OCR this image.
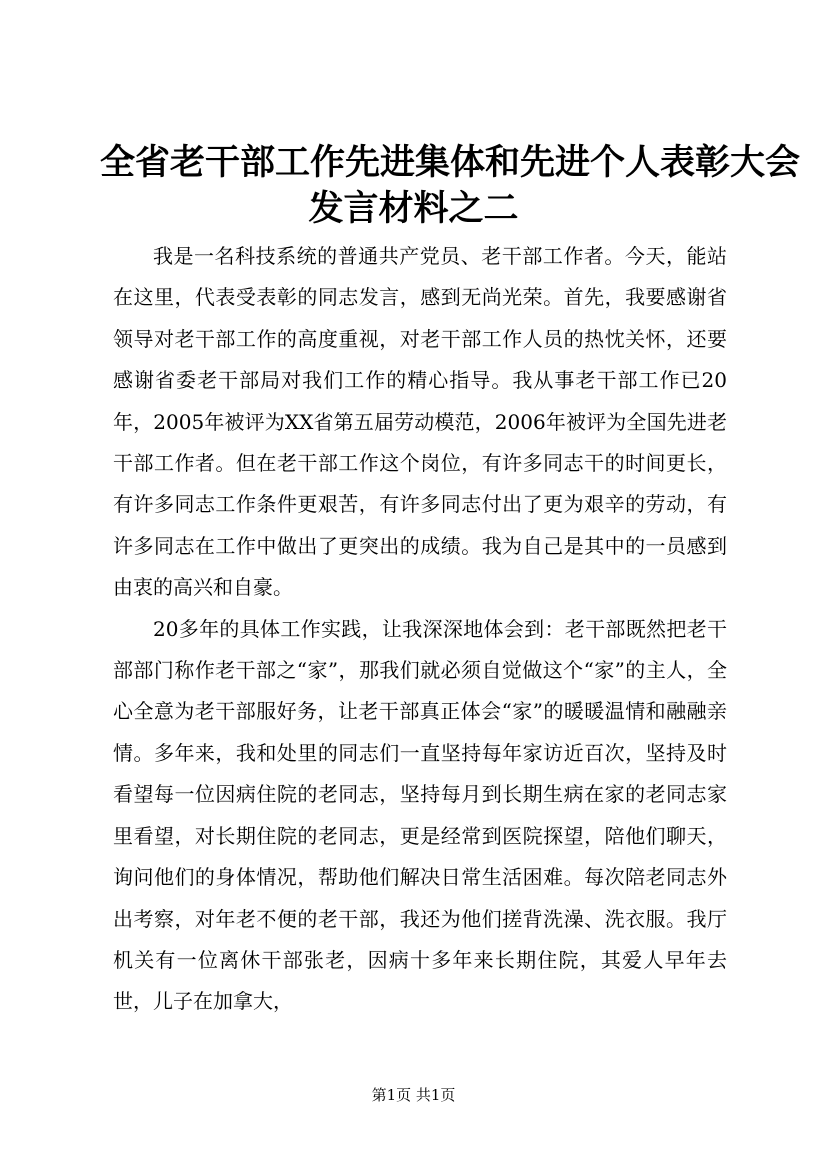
全省老干部工作先进集体和先进个人表彰大会
发言材料之二

我是一名科技系统的普通共产党员、老干部工作者。今天，能站在这里，代表受表彰的同志发言，感到无尚光荣。首先，我要感谢省领导对老干部工作的高度重视，对老干部工作人员的热忱关怀，还要感谢省委老干部局对我们工作的精心指导。我从事老干部工作已20年，2005年被评为XX省第五届劳动模范，2006年被评为全国先进老干部工作者。但在老干部工作这个岗位，有许多同志干的时间更长，有许多同志工作条件更艰苦，有许多同志付出了更为艰辛的劳动，有许多同志在工作中做出了更突出的成绩。我为自己是其中的一员感到由衷的高兴和自豪。

20多年的具体工作实践，让我深深地体会到：老干部既然把老干部部门称作老干部之“家”，那我们就必须自觉做这个“家”的主人，全心全意为老干部服好务，让老干部真正体会“家”的暖暖温情和融融亲情。多年来，我和处里的同志们一直坚持每年家访近百次，坚持及时看望每一位因病住院的老同志，坚持每月到长期生病在家的老同志家里看望，对长期住院的老同志，更是经常到医院探望，陪他们聊天，询问他们的身体情况，帮助他们解决日常生活困难。每次陪老同志外出考察，对年老不便的老干部，我还为他们搓背洗澡、洗衣服。我厅机关有一位离休干部张老，因病十多年来长期住院，其爱人早年去世，儿子在加拿大，

第1页 共1页
